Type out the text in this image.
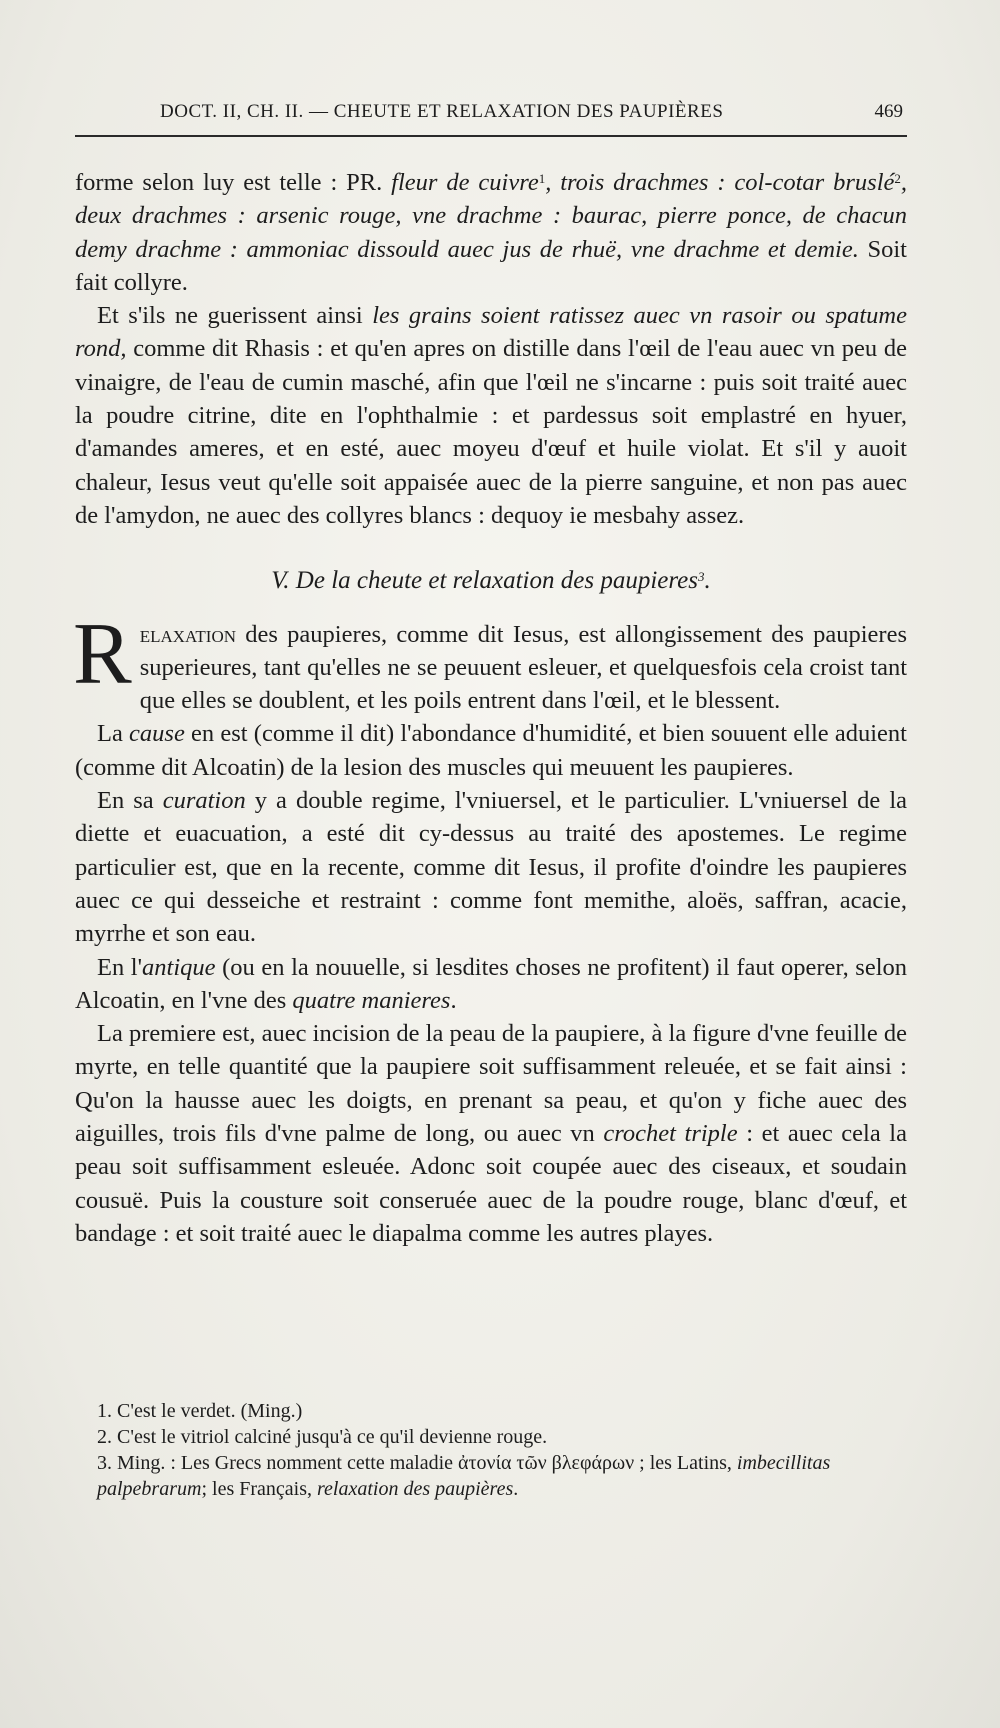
DOCT. II, CH. II. — CHEUTE ET RELAXATION DES PAUPIÈRES	469

forme selon luy est telle : PR. fleur de cuivre$^1$, trois drachmes : col-cotar bruslé$^2$, deux drachmes : arsenic rouge, vne drachme : baurac, pierre ponce, de chacun demy drachme : ammoniac dissould auec jus de rhuë, vne drachme et demie. Soit fait collyre.

Et s'ils ne guerissent ainsi les grains soient ratissez auec vn rasoir ou spatume rond, comme dit Rhasis : et qu'en apres on distille dans l'œil de l'eau auec vn peu de vinaigre, de l'eau de cumin masché, afin que l'œil ne s'incarne : puis soit traité auec la poudre citrine, dite en l'ophthalmie : et pardessus soit emplastré en hyuer, d'amandes ameres, et en esté, auec moyeu d'œuf et huile violat. Et s'il y auoit chaleur, Iesus veut qu'elle soit appaisée auec de la pierre sanguine, et non pas auec de l'amydon, ne auec des collyres blancs : dequoy ie mesbahy assez.

V. De la cheute et relaxation des paupieres$^3$.

Relaxation des paupieres, comme dit Iesus, est allongissement des paupieres superieures, tant qu'elles ne se peuuent esleuer, et quelquesfois cela croist tant que elles se doublent, et les poils entrent dans l'œil, et le blessent.

La cause en est (comme il dit) l'abondance d'humidité, et bien souuent elle aduient (comme dit Alcoatin) de la lesion des muscles qui meuuent les paupieres.

En sa curation y a double regime, l'vniuersel, et le particulier. L'vniuersel de la diette et euacuation, a esté dit cy-dessus au traité des apostemes. Le regime particulier est, que en la recente, comme dit Iesus, il profite d'oindre les paupieres auec ce qui desseiche et restraint : comme font memithe, aloës, saffran, acacie, myrrhe et son eau.

En l'antique (ou en la nouuelle, si lesdites choses ne profitent) il faut operer, selon Alcoatin, en l'vne des quatre manieres.

La premiere est, auec incision de la peau de la paupiere, à la figure d'vne feuille de myrte, en telle quantité que la paupiere soit suffisamment releuée, et se fait ainsi : Qu'on la hausse auec les doigts, en prenant sa peau, et qu'on y fiche auec des aiguilles, trois fils d'vne palme de long, ou auec vn crochet triple : et auec cela la peau soit suffisamment esleuée. Adonc soit coupée auec des ciseaux, et soudain cousuë. Puis la cousture soit conseruée auec de la poudre rouge, blanc d'œuf, et bandage : et soit traité auec le diapalma comme les autres playes.

1. C'est le verdet. (Ming.)

2. C'est le vitriol calciné jusqu'à ce qu'il devienne rouge.

3. Ming. : Les Grecs nomment cette maladie ἀτονία τῶν βλεφάρων ; les Latins, imbecillitas palpebrarum; les Français, relaxation des paupières.
